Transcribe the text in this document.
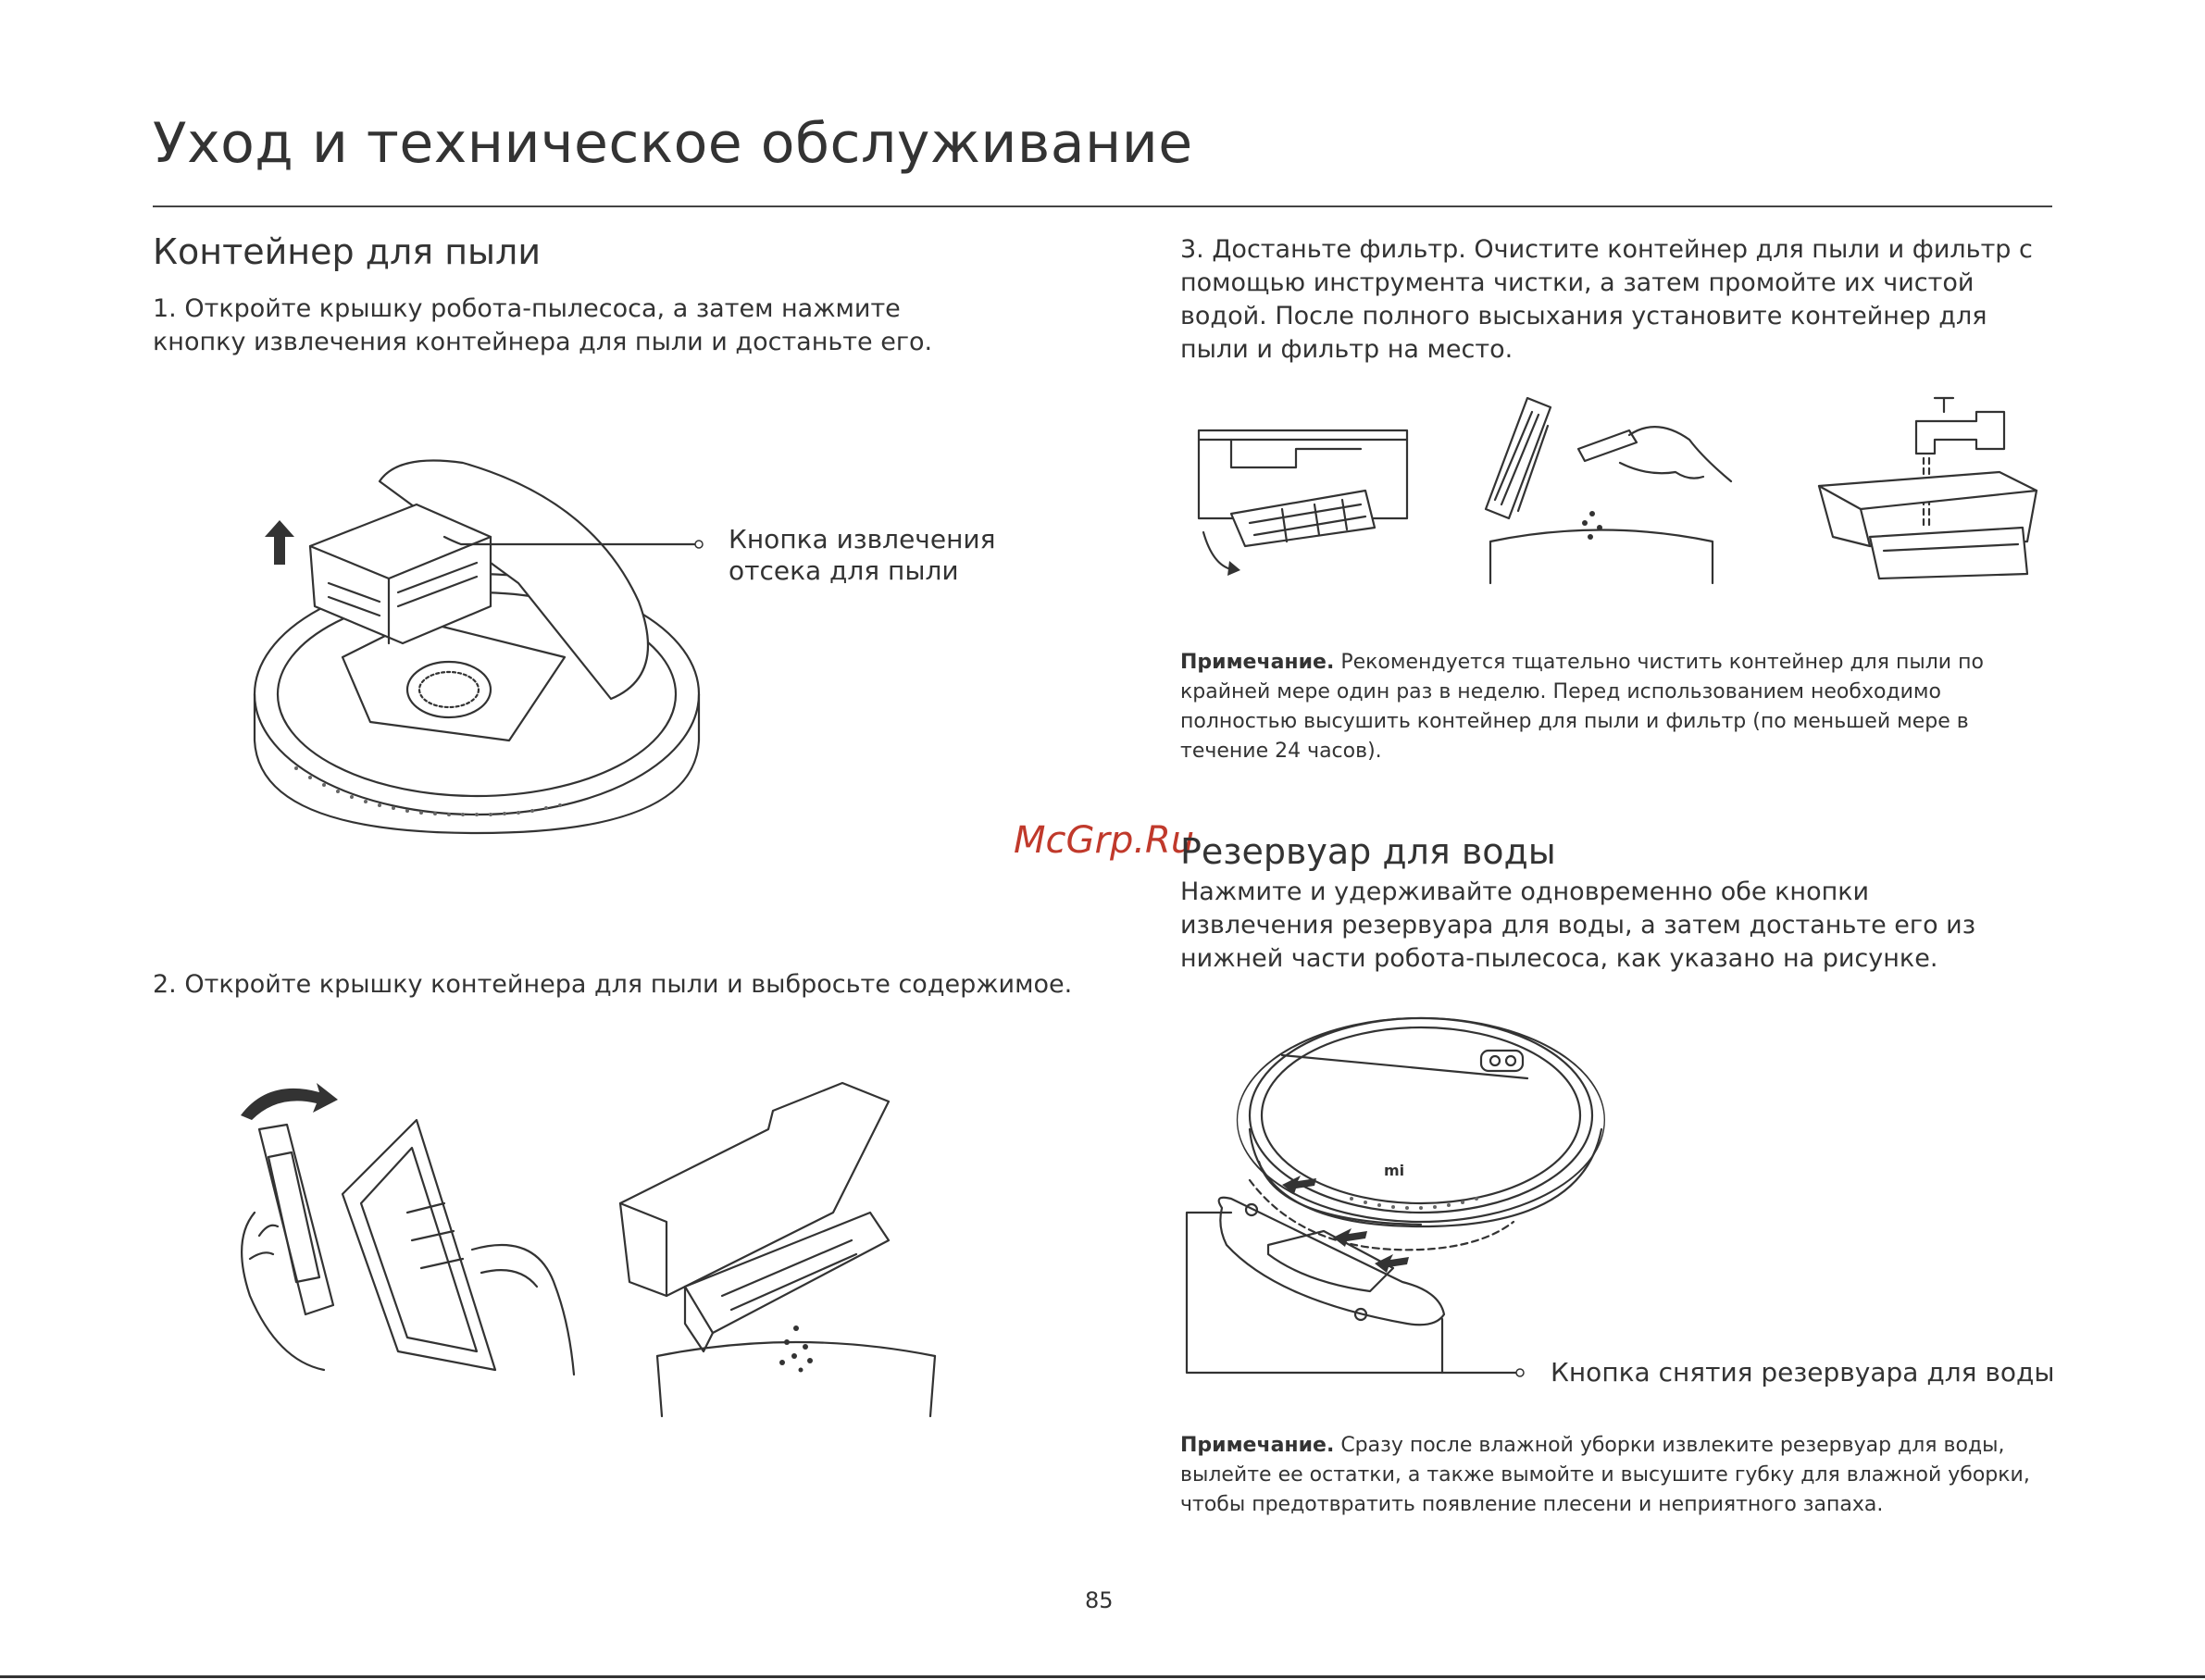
Уход и техническое обслуживание
Контейнер для пыли
1. Откройте крышку робота-пылесоса, а затем нажмите кнопку извлечения контейнера для пыли и достаньте его.
Кнопка извлечения отсека для пыли
2. Откройте крышку контейнера для пыли и выбросьте содержимое.
3. Достаньте фильтр. Очистите контейнер для пыли и фильтр с помощью инструмента чистки, а затем промойте их чистой водой. После полного высыхания установите контейнер для пыли и фильтр на место.
Примечание. Рекомендуется тщательно чистить контейнер для пыли по крайней мере один раз в неделю. Перед использованием необходимо полностью высушить контейнер для пыли и фильтр (по меньшей мере в течение 24 часов).
McGrp.Ru
Резервуар для воды
Нажмите и удерживайте одновременно обе кнопки извлечения резервуара для воды, а затем достаньте его из нижней части робота-пылесоса, как указано на рисунке.
mi
Кнопка снятия резервуара для воды
Примечание. Сразу после влажной уборки извлеките резервуар для воды, вылейте ее остатки, а также вымойте и высушите губку для влажной уборки, чтобы предотвратить появление плесени и неприятного запаха.
85
